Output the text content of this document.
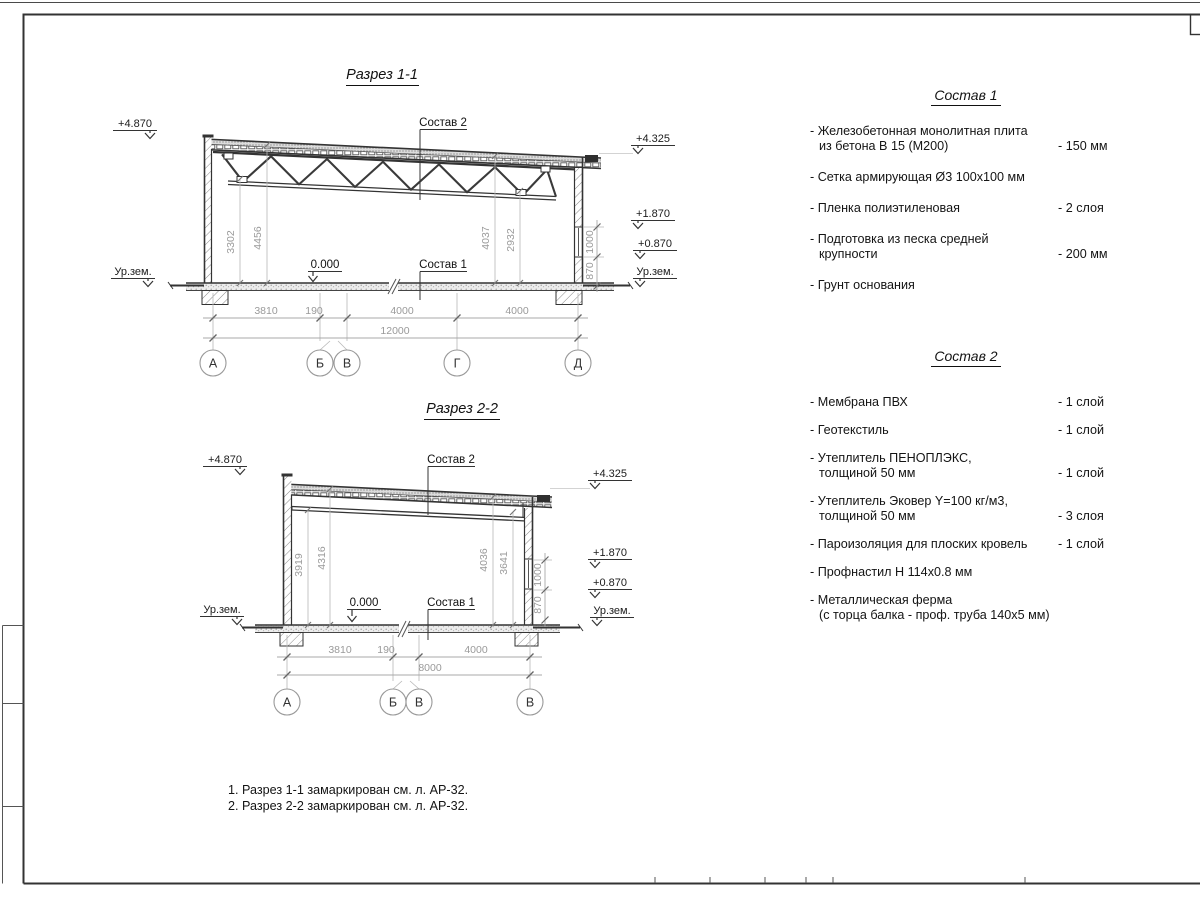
Разрез 1-1
3810	190	4000	4000
12000
А	Б В	Г	Д
3302 4456	4037 2932	1000
870
+4.870
Ур.зем.
+4.325
+1.870
+0.870
Ур.зем.
Состав 2
Состав 1
0.000
Разрез 2-2
3810 190	4000
8000
А	Б В	В
3919 4316	4036 3641
1000
870
+4.870
Ур.зем.
+4.325
+1.870
+0.870
Ур.зем.
Состав 2
Состав 1
0.000
Состав 1
- Железобетонная монолитная плита
из бетона В 15 (М200)	- 150 мм
- Сетка армирующая Ø3 100x100 мм
- Пленка полиэтиленовая	- 2 слоя
- Подготовка из песка средней
крупности	- 200 мм
- Грунт основания
Состав 2
- Мембрана ПВХ	- 1 слой
- Геотекстиль	- 1 слой
- Утеплитель ПЕНОПЛЭКС,
толщиной 50 мм	- 1 слой
- Утеплитель Эковер Y=100 кг/м3,
толщиной 50 мм	- 3 слоя
- Пароизоляция для плоских кровель	- 1 слой
- Профнастил Н 114x0.8 мм
- Металлическая ферма
(с торца балка - проф. труба 140x5 мм)
1. Разрез 1-1 замаркирован см. л. АР-32.
2. Разрез 2-2 замаркирован см. л. АР-32.
